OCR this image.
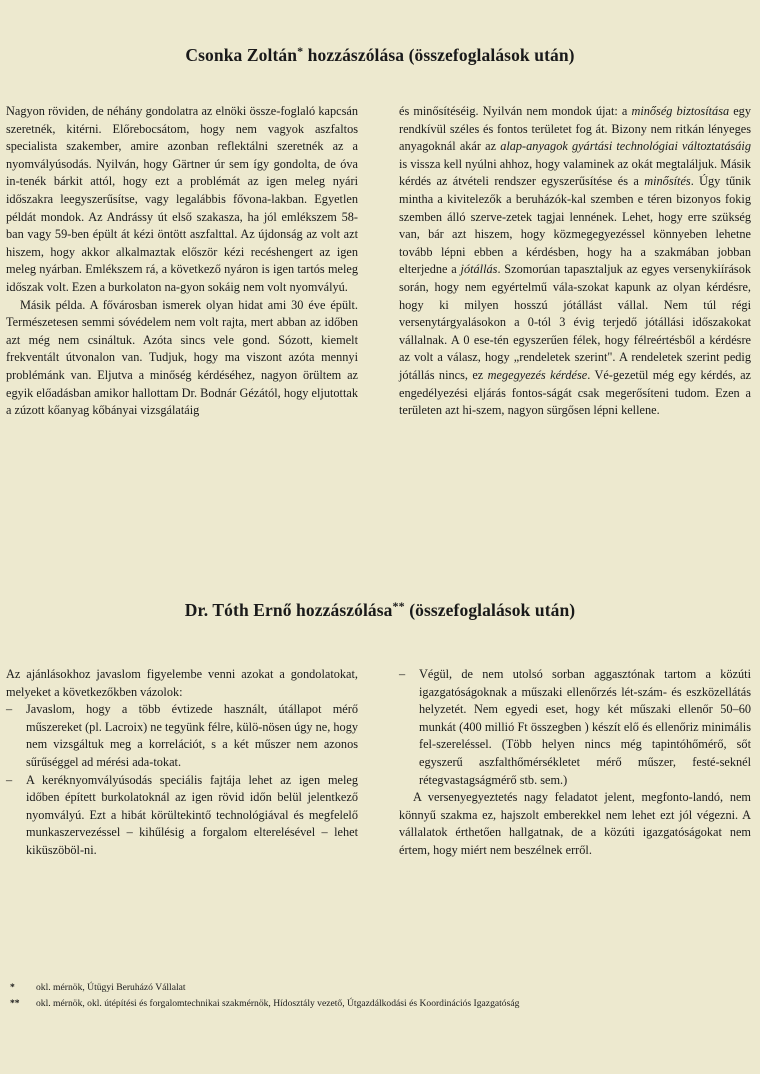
Csonka Zoltán* hozzászólása (összefoglalások után)

Nagyon röviden, de néhány gondolatra az elnöki össze-foglaló kapcsán szeretnék, kitérni. Előrebocsátom, hogy nem vagyok aszfaltos specialista szakember, amire azonban reflektálni szeretnék az a nyomvályúsodás. Nyilván, hogy Gärtner úr sem így gondolta, de óva in-tenék bárkit attól, hogy ezt a problémát az igen meleg nyári időszakra leegyszerűsítse, vagy legalábbis fővona-lakban. Egyetlen példát mondok. Az Andrássy út első szakasza, ha jól emlékszem 58-ban vagy 59-ben épült át kézi öntött aszfalttal. Az újdonság az volt azt hiszem, hogy akkor alkalmaztak először kézi recéshengert az igen meleg nyárban. Emlékszem rá, a következő nyáron is igen tartós meleg időszak volt. Ezen a burkolaton na-gyon sokáig nem volt nyomvályú.

Másik példa. A fővárosban ismerek olyan hidat ami 30 éve épült. Természetesen semmi sóvédelem nem volt rajta, mert abban az időben azt még nem csináltuk. Azóta sincs vele gond. Sózott, kiemelt frekventált útvonalon van. Tudjuk, hogy ma viszont azóta mennyi problémánk van. Eljutva a minőség kérdéséhez, nagyon örültem az egyik előadásban amikor hallottam Dr. Bodnár Gézától, hogy eljutottak a zúzott kőanyag kőbányai vizsgálatáig

és minősítéséig. Nyilván nem mondok újat: a minőség biztosítása egy rendkívül széles és fontos területet fog át. Bizony nem ritkán lényeges anyagoknál akár az alap-anyagok gyártási technológiai változtatásáig is vissza kell nyúlni ahhoz, hogy valaminek az okát megtaláljuk. Másik kérdés az átvételi rendszer egyszerűsítése és a minősítés. Úgy tűnik mintha a kivitelezők a beruházók-kal szemben e téren bizonyos fokig szemben álló szerve-zetek tagjai lennének. Lehet, hogy erre szükség van, bár azt hiszem, hogy közmegegyezéssel könnyeben lehetne tovább lépni ebben a kérdésben, hogy ha a szakmában jobban elterjedne a jótállás. Szomorúan tapasztaljuk az egyes versenykiírások során, hogy nem egyértelmű vála-szokat kapunk az olyan kérdésre, hogy ki milyen hosszú jótállást vállal. Nem túl régi versenytárgyalásokon a 0-tól 3 évig terjedő jótállási időszakokat vállalnak. A 0 ese-tén egyszerűen félek, hogy félreértésből a kérdésre az volt a válasz, hogy „rendeletek szerint". A rendeletek szerint pedig jótállás nincs, ez megegyezés kérdése. Vé-gezetül még egy kérdés, az engedélyezési eljárás fontos-ságát csak megerősíteni tudom. Ezen a területen azt hi-szem, nagyon sürgősen lépni kellene.

Dr. Tóth Ernő hozzászólása** (összefoglalások után)

Az ajánlásokhoz javaslom figyelembe venni azokat a gondolatokat, melyeket a következőkben vázolok:

– Javaslom, hogy a több évtizede használt, útállapot mérő műszereket (pl. Lacroix) ne tegyünk félre, külö-nösen úgy ne, hogy nem vizsgáltuk meg a korrelációt, s a két műszer nem azonos sűrűséggel ad mérési ada-tokat.

– A keréknyomvályúsodás speciális fajtája lehet az igen meleg időben épített burkolatoknál az igen rövid időn belül jelentkező nyomvályú. Ezt a hibát körültekintő technológiával és megfelelő munkaszervezéssel – kihűlésig a forgalom elterelésével – lehet kiküszöböl-ni.

– Végül, de nem utolsó sorban aggasztónak tartom a közúti igazgatóságoknak a műszaki ellenőrzés lét-szám- és eszközellátás helyzetét. Nem egyedi eset, hogy két műszaki ellenőr 50–60 munkát (400 millió Ft összegben ) készít elő és ellenőriz minimális fel-szereléssel. (Több helyen nincs még tapintóhőmérő, sőt egyszerű aszfalthőmérsékletet mérő műszer, festé-seknél rétegvastagságmérő stb. sem.)

A versenyegyeztetés nagy feladatot jelent, megfonto-landó, nem könnyű szakma ez, hajszolt emberekkel nem lehet ezt jól végezni. A vállalatok érthetően hallgatnak, de a közúti igazgatóságokat nem értem, hogy miért nem beszélnek erről.

* okl. mérnök, Útügyi Beruházó Vállalat
** okl. mérnök, okl. útépítési és forgalomtechnikai szakmérnök, Hídosztály vezető, Útgazdálkodási és Koordinációs Igazgatóság
